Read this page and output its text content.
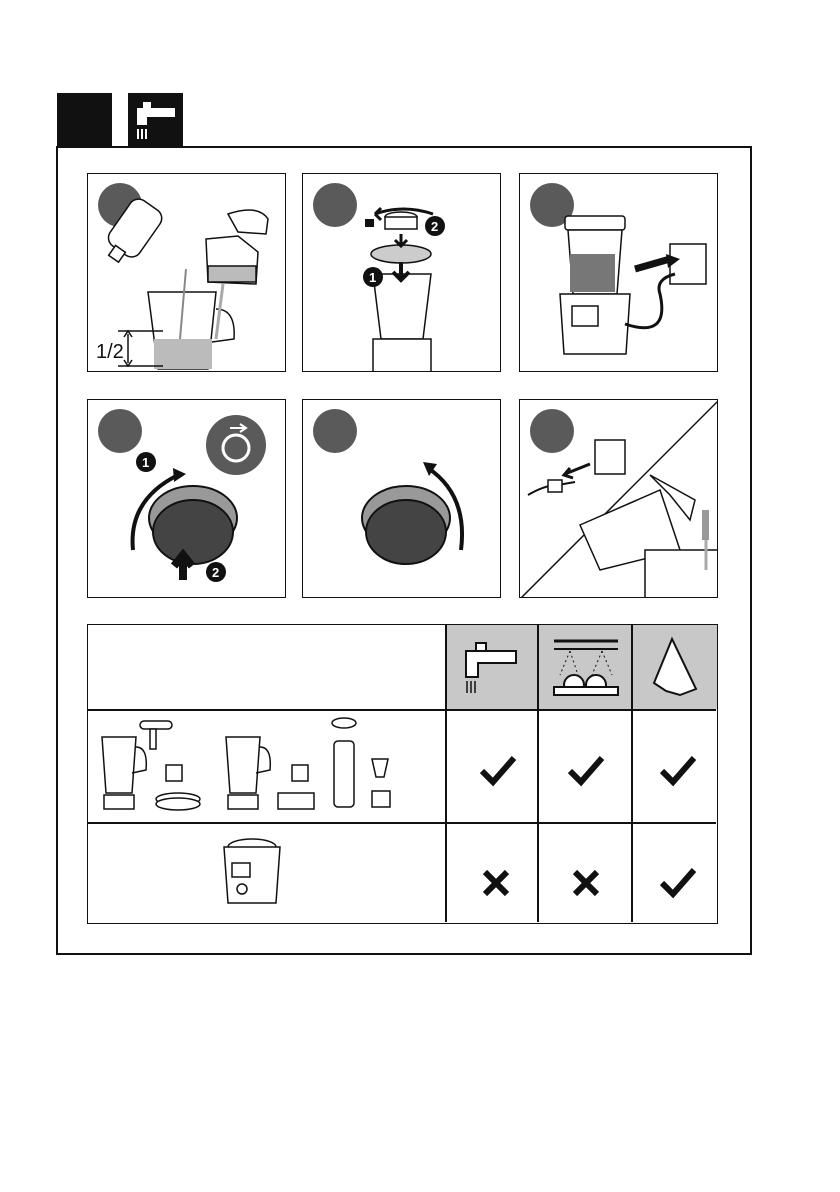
1/2
2
1
1
2
